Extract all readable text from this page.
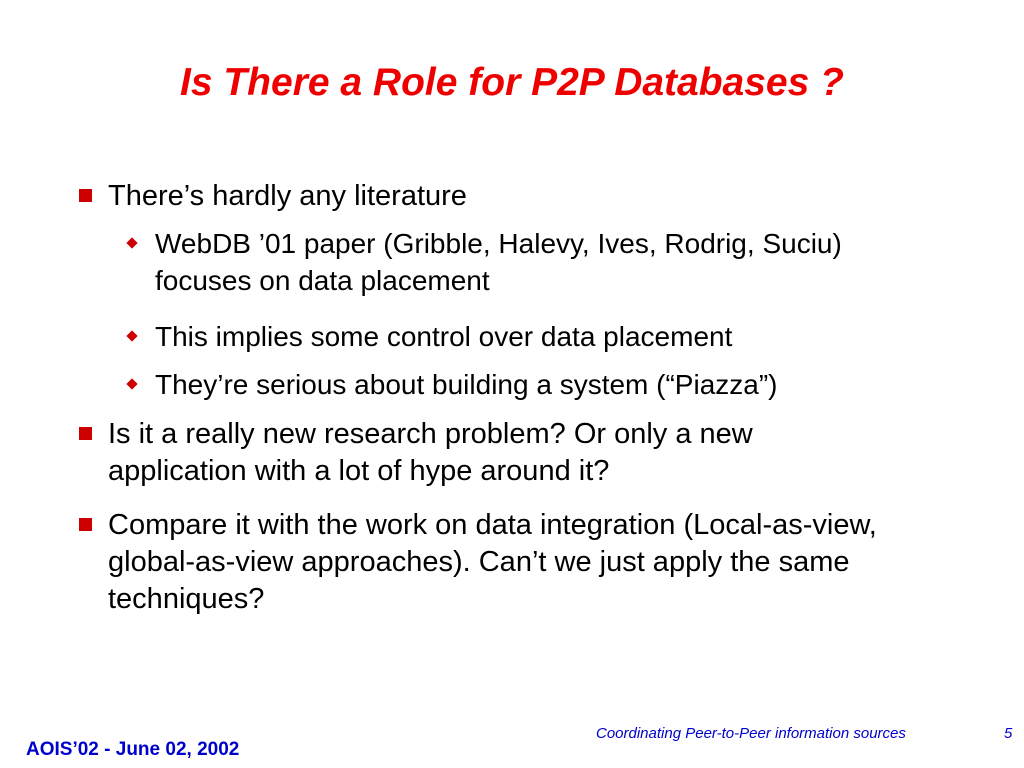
Is There a Role for P2P Databases ?
There’s hardly any literature
WebDB ’01 paper (Gribble, Halevy, Ives, Rodrig, Suciu) focuses on data placement
This implies some control over data placement
They’re serious about building a system (“Piazza”)
Is it a really new research problem? Or only a new application with a lot of hype around it?
Compare it with the work on data integration (Local-as-view, global-as-view approaches). Can’t we just apply the same techniques?
AOIS’02 - June 02, 2002
Coordinating Peer-to-Peer information sources	5
